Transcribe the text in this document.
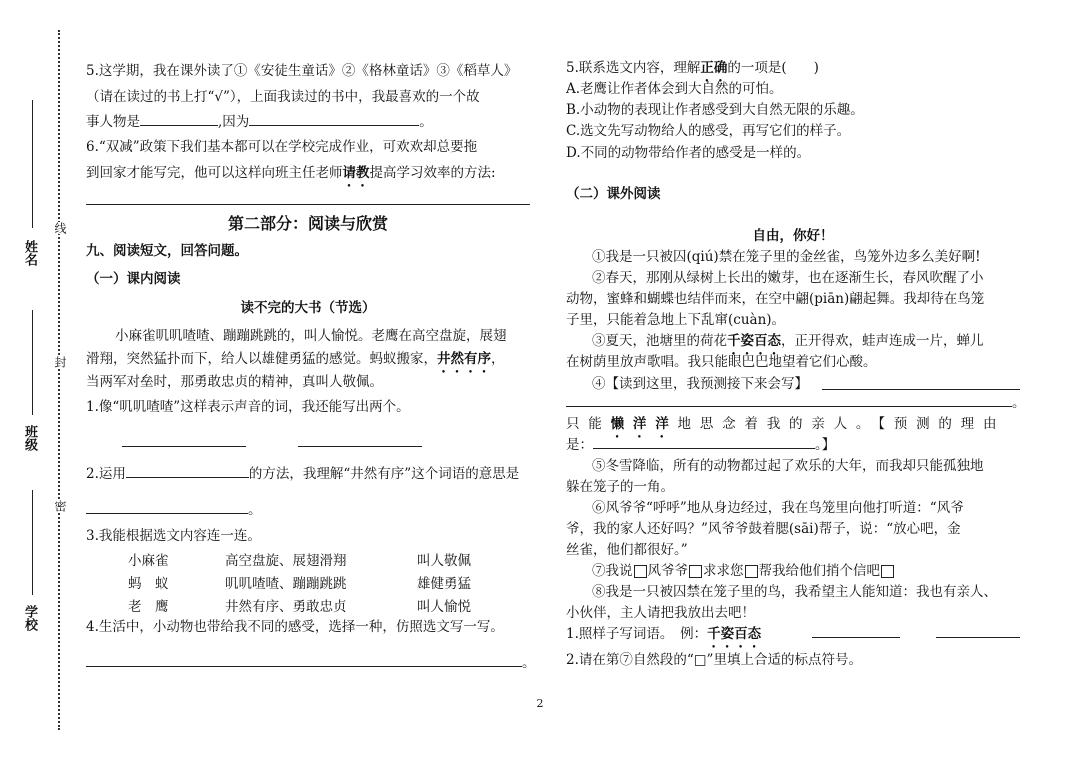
姓名
班级
学校
线
封
密
5.这学期，我在课外读了①《安徒生童话》②《格林童话》③《稻草人》
（请在读过的书上打“√”），上面我读过的书中，我最喜欢的一个故
事人物是	,因为	。
6.“双减”政策下我们基本都可以在学校完成作业，可欢欢却总要拖
到回家才能写完，他可以这样向班主任老师请教提高学习效率的方法:
第二部分：阅读与欣赏
九、阅读短文，回答问题。
（一）课内阅读
读不完的大书（节选）
小麻雀叽叽喳喳、蹦蹦跳跳的，叫人愉悦。老鹰在高空盘旋，展翅
滑翔，突然猛扑而下，给人以雄健勇猛的感觉。蚂蚁搬家，井然有序，
当两军对垒时，那勇敢忠贞的精神，真叫人敬佩。
1.像“叽叽喳喳”这样表示声音的词，我还能写出两个。
2.运用	的方法，我理解“井然有序”这个词语的意思是
。
3.我能根据选文内容连一连。
小麻雀	高空盘旋、展翅滑翔	叫人敬佩
蚂　蚁	叽叽喳喳、蹦蹦跳跳	雄健勇猛
老　鹰	井然有序、勇敢忠贞	叫人愉悦
4.生活中，小动物也带给我不同的感受，选择一种，仿照选文写一写。
。
5.联系选文内容，理解正确的一项是(　　)
A.老鹰让作者体会到大自然的可怕。
B.小动物的表现让作者感受到大自然无限的乐趣。
C.选文先写动物给人的感受，再写它们的样子。
D.不同的动物带给作者的感受是一样的。
（二）课外阅读
自由，你好！
①我是一只被囚(qiú)禁在笼子里的金丝雀，鸟笼外边多么美好啊!
②春天，那刚从绿树上长出的嫩芽，也在逐渐生长，春风吹醒了小
动物，蜜蜂和蝴蝶也结伴而来，在空中翩(piān)翩起舞。我却待在鸟笼
子里，只能着急地上下乱窜(cuàn)。
③夏天，池塘里的荷花千姿百态，正开得欢，蛙声连成一片，蝉儿
在树荫里放声歌唱。我只能眼巴巴地望着它们心酸。
④【读到这里，我预测接下来会写】
。
只能懒洋洋地思念着我的亲人。【预测的理由
是：	。】
⑤冬雪降临，所有的动物都过起了欢乐的大年，而我却只能孤独地
躲在笼子的一角。
⑥风爷爷“呼呼”地从身边经过，我在鸟笼里向他打听道：“风爷
爷，我的家人还好吗？”风爷爷鼓着腮(sāi)帮子，说：“放心吧，金
丝雀，他们都很好。”
⑦我说 风爷爷 求求您 帮我给他们捎个信吧
⑧我是一只被囚禁在笼子里的鸟，我希望主人能知道：我也有亲人、
小伙伴，主人请把我放出去吧！
1.照样子写词语。　例：千姿百态
2.请在第⑦自然段的“□”里填上合适的标点符号。
2
